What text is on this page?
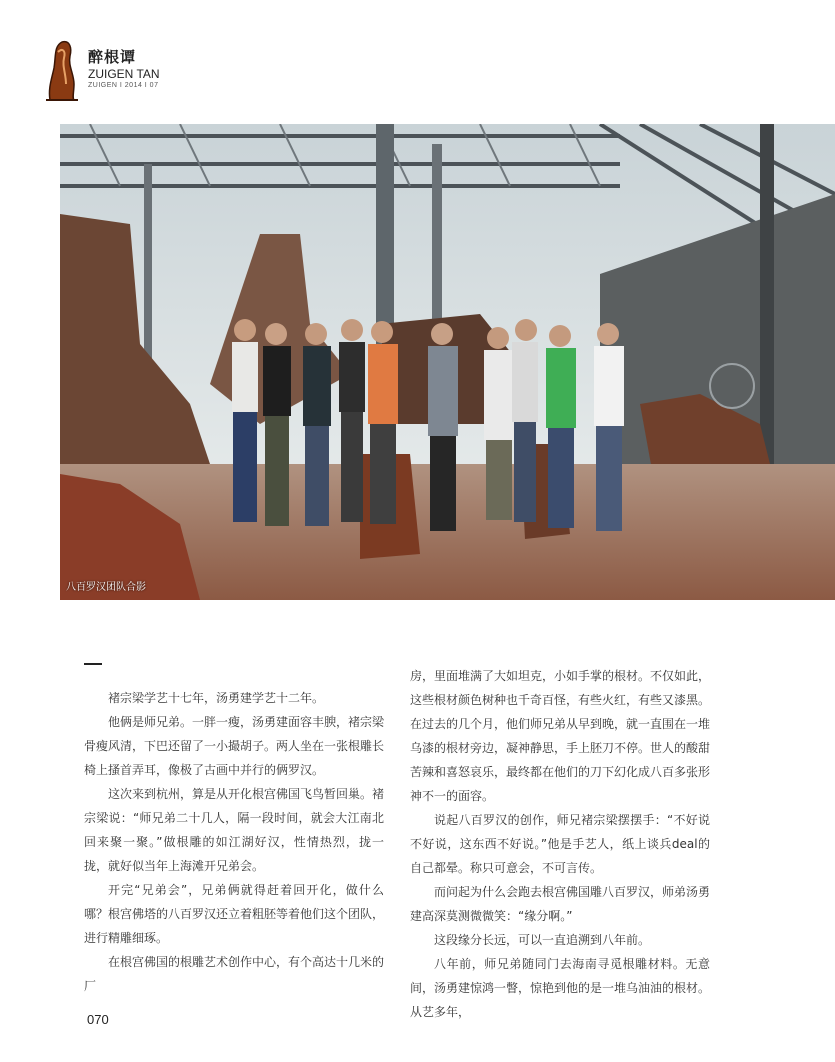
醉根谭
ZUIGEN TAN
ZUIGEN I 2014 I 07
八百罗汉团队合影

褚宗梁学艺十七年，汤勇建学艺十二年。

他俩是师兄弟。一胖一瘦，汤勇建面容丰腴，褚宗梁骨瘦风清，下巴还留了一小撮胡子。两人坐在一张根雕长椅上搔首弄耳，像极了古画中并行的俩罗汉。

这次来到杭州，算是从开化根宫佛国飞鸟暂回巢。褚宗梁说：“师兄弟二十几人，隔一段时间，就会大江南北回来聚一聚。”做根雕的如江湖好汉，性情热烈，拢一拢，就好似当年上海滩开兄弟会。

开完“兄弟会”，兄弟俩就得赶着回开化，做什么哪？根宫佛塔的八百罗汉还立着粗胚等着他们这个团队，进行精雕细琢。

在根宫佛国的根雕艺术创作中心，有个高达十几米的厂

房，里面堆满了大如坦克，小如手掌的根材。不仅如此，这些根材颜色树种也千奇百怪，有些火红，有些又漆黑。在过去的几个月，他们师兄弟从早到晚，就一直围在一堆乌漆的根材旁边，凝神静思，手上胚刀不停。世人的酸甜苦辣和喜怒哀乐，最终都在他们的刀下幻化成八百多张形神不一的面容。

说起八百罗汉的创作，师兄褚宗梁摆摆手：“不好说不好说，这东西不好说。”他是手艺人，纸上谈兵deal的自己都晕。称只可意会，不可言传。

而问起为什么会跑去根宫佛国雕八百罗汉，师弟汤勇建高深莫测微微笑：“缘分啊。”

这段缘分长远，可以一直追溯到八年前。

八年前，师兄弟随同门去海南寻觅根雕材料。无意间，汤勇建惊鸿一瞥，惊艳到他的是一堆乌油油的根材。从艺多年，

070
